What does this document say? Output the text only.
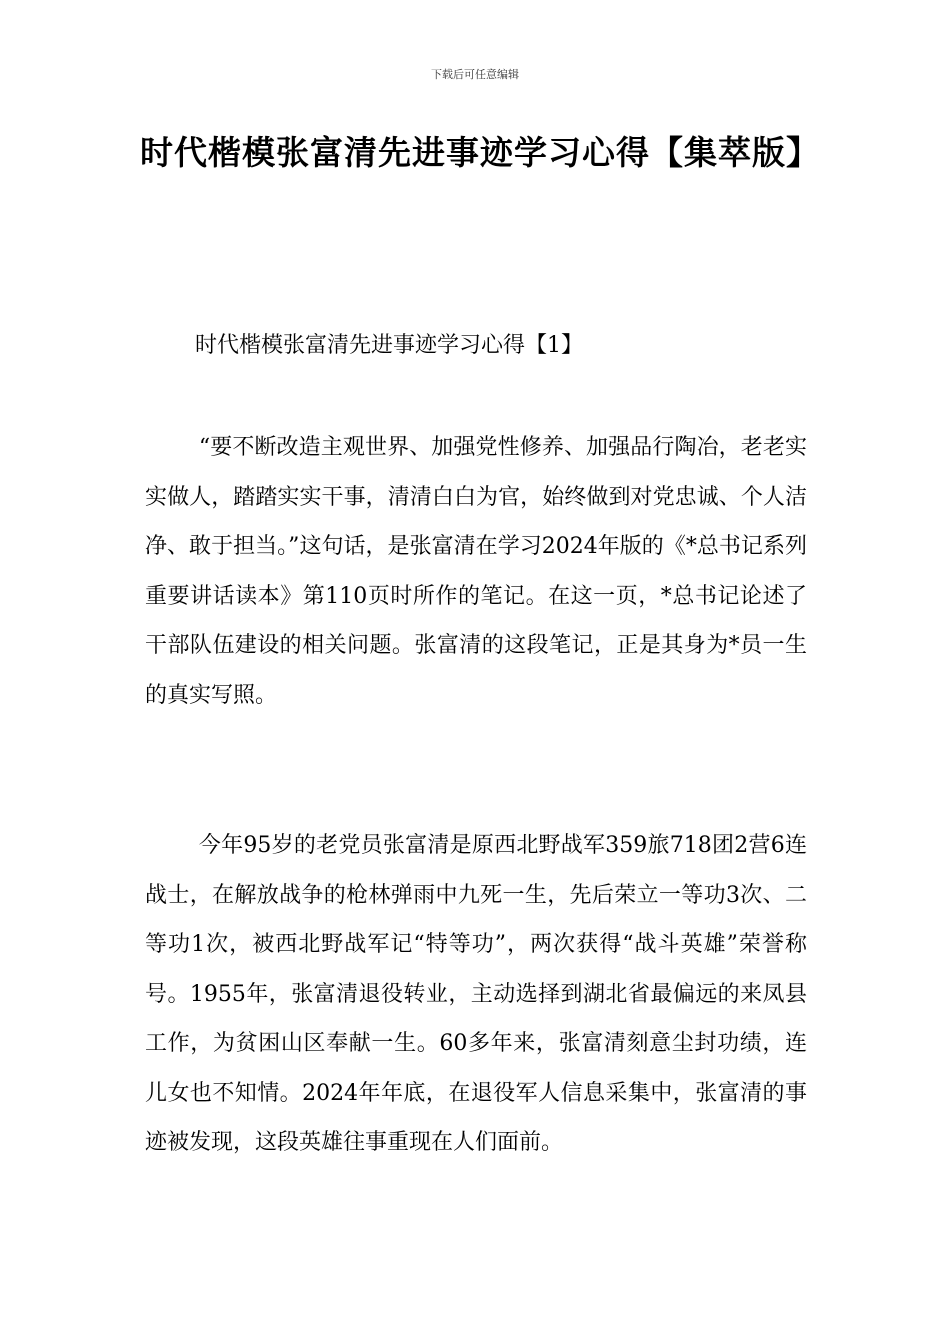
下载后可任意编辑
时代楷模张富清先进事迹学习心得【集萃版】
时代楷模张富清先进事迹学习心得【1】

“要不断改造主观世界、加强党性修养、加强品行陶冶，老老实实做人，踏踏实实干事，清清白白为官，始终做到对党忠诚、个人洁净、敢于担当。”这句话，是张富清在学习2024年版的《*总书记系列重要讲话读本》第110页时所作的笔记。在这一页，*总书记论述了干部队伍建设的相关问题。张富清的这段笔记，正是其身为*员一生的真实写照。

今年95岁的老党员张富清是原西北野战军359旅718团2营6连战士，在解放战争的枪林弹雨中九死一生，先后荣立一等功3次、二等功1次，被西北野战军记“特等功”，两次获得“战斗英雄”荣誉称号。1955年，张富清退役转业，主动选择到湖北省最偏远的来凤县工作，为贫困山区奉献一生。60多年来，张富清刻意尘封功绩，连儿女也不知情。2024年年底，在退役军人信息采集中，张富清的事迹被发现，这段英雄往事重现在人们面前。
